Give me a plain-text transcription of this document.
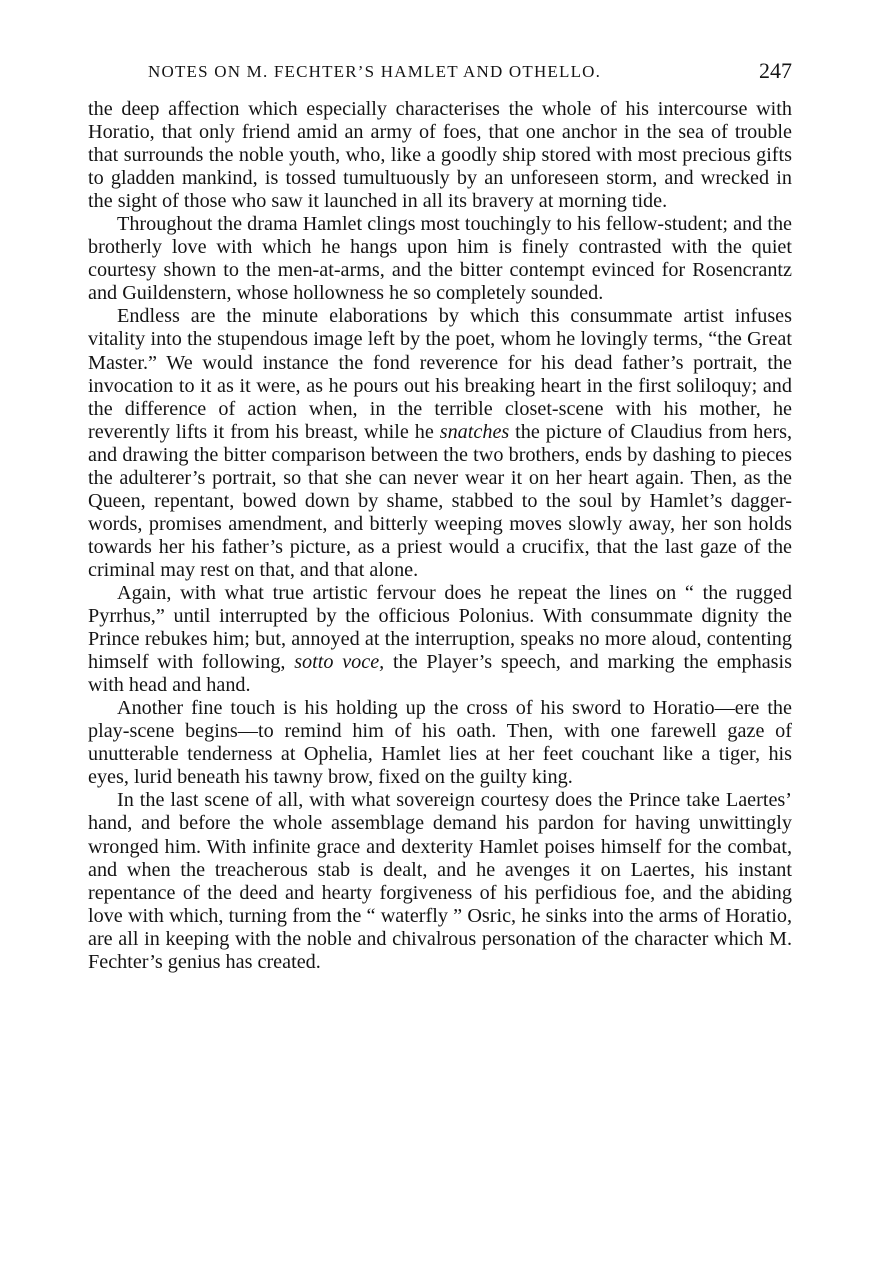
NOTES ON M. FECHTER’S HAMLET AND OTHELLO.	247

the deep affection which especially characterises the whole of his intercourse with Horatio, that only friend amid an army of foes, that one anchor in the sea of trouble that surrounds the noble youth, who, like a goodly ship stored with most precious gifts to gladden mankind, is tossed tumultuously by an unforeseen storm, and wrecked in the sight of those who saw it launched in all its bravery at morning tide.

Throughout the drama Hamlet clings most touchingly to his fellow-student; and the brotherly love with which he hangs upon him is finely contrasted with the quiet courtesy shown to the men-at-arms, and the bitter contempt evinced for Rosencrantz and Guildenstern, whose hollowness he so completely sounded.

Endless are the minute elaborations by which this consummate artist infuses vitality into the stupendous image left by the poet, whom he lovingly terms, “the Great Master.” We would instance the fond reverence for his dead father’s portrait, the invocation to it as it were, as he pours out his breaking heart in the first soliloquy; and the difference of action when, in the terrible closet-scene with his mother, he reverently lifts it from his breast, while he snatches the picture of Claudius from hers, and drawing the bitter comparison between the two brothers, ends by dashing to pieces the adulterer’s portrait, so that she can never wear it on her heart again. Then, as the Queen, repentant, bowed down by shame, stabbed to the soul by Hamlet’s dagger-words, promises amendment, and bitterly weeping moves slowly away, her son holds towards her his father’s picture, as a priest would a crucifix, that the last gaze of the criminal may rest on that, and that alone.

Again, with what true artistic fervour does he repeat the lines on “ the rugged Pyrrhus,” until interrupted by the officious Polonius. With consummate dignity the Prince rebukes him; but, annoyed at the interruption, speaks no more aloud, contenting himself with following, sotto voce, the Player’s speech, and marking the emphasis with head and hand.

Another fine touch is his holding up the cross of his sword to Horatio—ere the play-scene begins—to remind him of his oath. Then, with one farewell gaze of unutterable tenderness at Ophelia, Hamlet lies at her feet couchant like a tiger, his eyes, lurid beneath his tawny brow, fixed on the guilty king.

In the last scene of all, with what sovereign courtesy does the Prince take Laertes’ hand, and before the whole assemblage demand his pardon for having unwittingly wronged him. With infinite grace and dexterity Hamlet poises himself for the combat, and when the treacherous stab is dealt, and he avenges it on Laertes, his instant repentance of the deed and hearty forgiveness of his perfidious foe, and the abiding love with which, turning from the “ waterfly ” Osric, he sinks into the arms of Horatio, are all in keeping with the noble and chivalrous personation of the character which M. Fechter’s genius has created.
